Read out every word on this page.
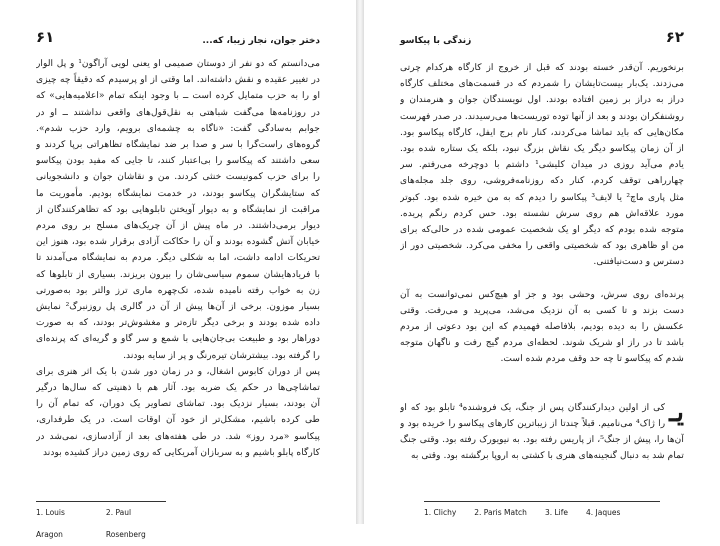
دختر جوان، نجار زیبا، که...
۶۱
می‌دانستم که دو نفر از دوستان صمیمی او یعنی لویی آراگون¹ و پل الوار
در تغییر عقیده و نقش داشته‌اند. اما وقتی از او پرسیدم که دقیقاً چه چیزی
او را به حزب متمایل کرده است ــ با وجود اینکه تمام «اعلامیه‌هایی» که
در روزنامه‌ها می‌گفت شباهتی به نقل‌قول‌های واقعی نداشتند ــ او در
جوابم به‌سادگی گفت: «ناگاه به چشمه‌ای برویم، وارد حزب شدم».
گروه‌های راست‌گرا با سر و صدا بر ضد نمایشگاه تظاهراتی برپا کردند و
سعی داشتند که پیکاسو را بی‌اعتبار کنند، تا جایی که مفید بودن پیکاسو
را برای حزب کمونیست خنثی کردند. من و نقاشان جوان و دانشجویانی
که ستایشگران پیکاسو بودند، در خدمت نمایشگاه بودیم. مأموریت ما
مراقبت از نمایشگاه و به دیوار آویختن تابلوهایی بود که تظاهرکنندگان از
دیوار برمی‌داشتند. در ماه پیش از آن چریک‌های مسلح بر روی مردم
خیابان آتش گشوده بودند و آن را حکاکت آزادی برقرار شده بود، هنوز این
تحریکات ادامه داشت، اما به شکلی دیگر. مردم به نمایشگاه می‌آمدند تا
با فریادهایشان سموم سیاسی‌شان را بیرون بریزند. بسیاری از تابلوها که
زن به خواب رفته نامیده شده، تک‌چهره ماری ترز والتر بود به‌صورتی
بسیار موزون. برخی از آن‌ها پیش از آن در گالری پل روزنبرگ² نمایش
داده شده بودند و برخی دیگر تازه‌تر و مغشوش‌تر بودند، که به صورت
دوراهار بود و طبیعت بی‌جان‌هایی با شمع و سر گاو و گریه‌ای که پرنده‌ای
را گرفته بود. بیشترشان تیره‌رنگ و پر از سایه بودند.
پس از دوران کابوس اشغال، و در زمان دور شدن با یک اثر هنری برای
تماشاچی‌ها در حکم یک ضربه بود. آثار هم با ذهنیتی که سال‌ها درگیر
آن بودند، بسیار نزدیک بود. تماشای تصاویر یک دوران، که تمام آن را
طی کرده باشیم، مشکل‌تر از خود آن اوقات است. در یک طرفداری،
پیکاسو «مرد روز» شد. در طی هفته‌های بعد از آزادسازی، نمی‌شد در
کارگاه پابلو باشیم و به سربازان آمریکایی که روی زمین دراز کشیده بودند
1. Louis Aragon
2. Paul Rosenberg
۶۲
زندگی با پیکاسو
برنخوریم. آن‌قدر خسته بودند که قبل از خروج از کارگاه هرکدام چرتی
می‌زدند. یک‌بار بیست‌تایشان را شمردم که در قسمت‌های مختلف کارگاه
دراز به دراز بر زمین افتاده بودند. اول نویسندگان جوان و هنرمندان و
روشنفکران بودند و بعد از آنها توده توریست‌ها می‌رسیدند. در صدر فهرست
مکان‌هایی که باید تماشا می‌کردند، کنار نام برج ایفل، کارگاه پیکاسو بود.
از آن زمان پیکاسو دیگر یک نقاش بزرگ نبود، بلکه یک ستاره شده بود.
یادم می‌آید روزی در میدان کلیشی¹ داشتم با دوچرخه می‌رفتم. سر
چهارراهی توقف کردم، کنار دکه روزنامه‌فروشی، روی جلد مجله‌های
مثل پاری ماچ² یا لایف³ پیکاسو را دیدم که به من خیره شده بود. کبوتر
مورد علاقه‌اش هم روی سرش نشسته بود. حس کردم رنگم پریده.
متوجه شده بودم که دیگر او یک شخصیت عمومی شده در حالی‌که برای
من او ظاهری بود که شخصیتی واقعی را مخفی می‌کرد. شخصیتی دور از
دسترس و دست‌نیافتنی.
پرنده‌ای روی سرش، وحشی بود و جز او هیچ‌کس نمی‌توانست به آن
دست بزند و تا کسی به آن نزدیک می‌شد، می‌پرید و می‌رفت. وقتی
عکسش را به دیده بودیم، بلافاصله فهمیدم که این بود دعوتی از مردم
باشد تا در راز او شریک شوند. لحظه‌ای مردم گیج رفت و ناگهان متوجه
شدم که پیکاسو تا چه حد وقف مردم شده است.
یـ
کی از اولین دیدارکنندگان پس از جنگ، یک فروشنده⁴ تابلو بود که او
را ژاک⁴ می‌نامیم. قبلاً چندتا از زیباترین کارهای پیکاسو را خریده بود و
آن‌ها را، پیش از جنگ⁵، از پاریس رفته بود. به نیویورک رفته بود. وقتی جنگ
تمام شد به دنبال گنجینه‌های هنری با کشتی به اروپا برگشته بود. وقتی به
1. Clichy 2. Paris Match 3. Life 4. Jaques
